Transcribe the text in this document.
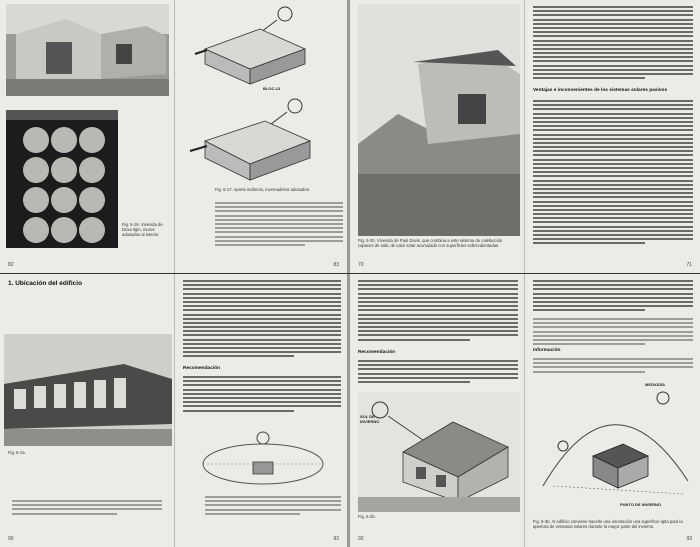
Fig. 5-16. Vivienda de Doxa Ilgin, muros adosados al interior.
82
BLOC-13
Fig. 5-17. Aporte indirecto, invernaderos adosados.
83
Fig. 5-20. Vivienda de Paul Davis, que combina a este sistema de calefacción capaces de salir, de calor solar acumulado con superficies sobrecalentadas.
70
Ventajas e inconvenientes de los sistemas solares pasivos
71
1. Ubicación del edificio
Fig. 6-1a.
90
Recomendación
93
Recomendación
SOL DE INVIERNO
Fig. 6-2b.
92
Información
MEDIODÍA
PUNTO DE INVIERNO
Fig. 6-3b. Al edificio conviene hacerle una orientación una superficie apta para la apertura de ventanas solares durante la mayor parte del invierno.
93
